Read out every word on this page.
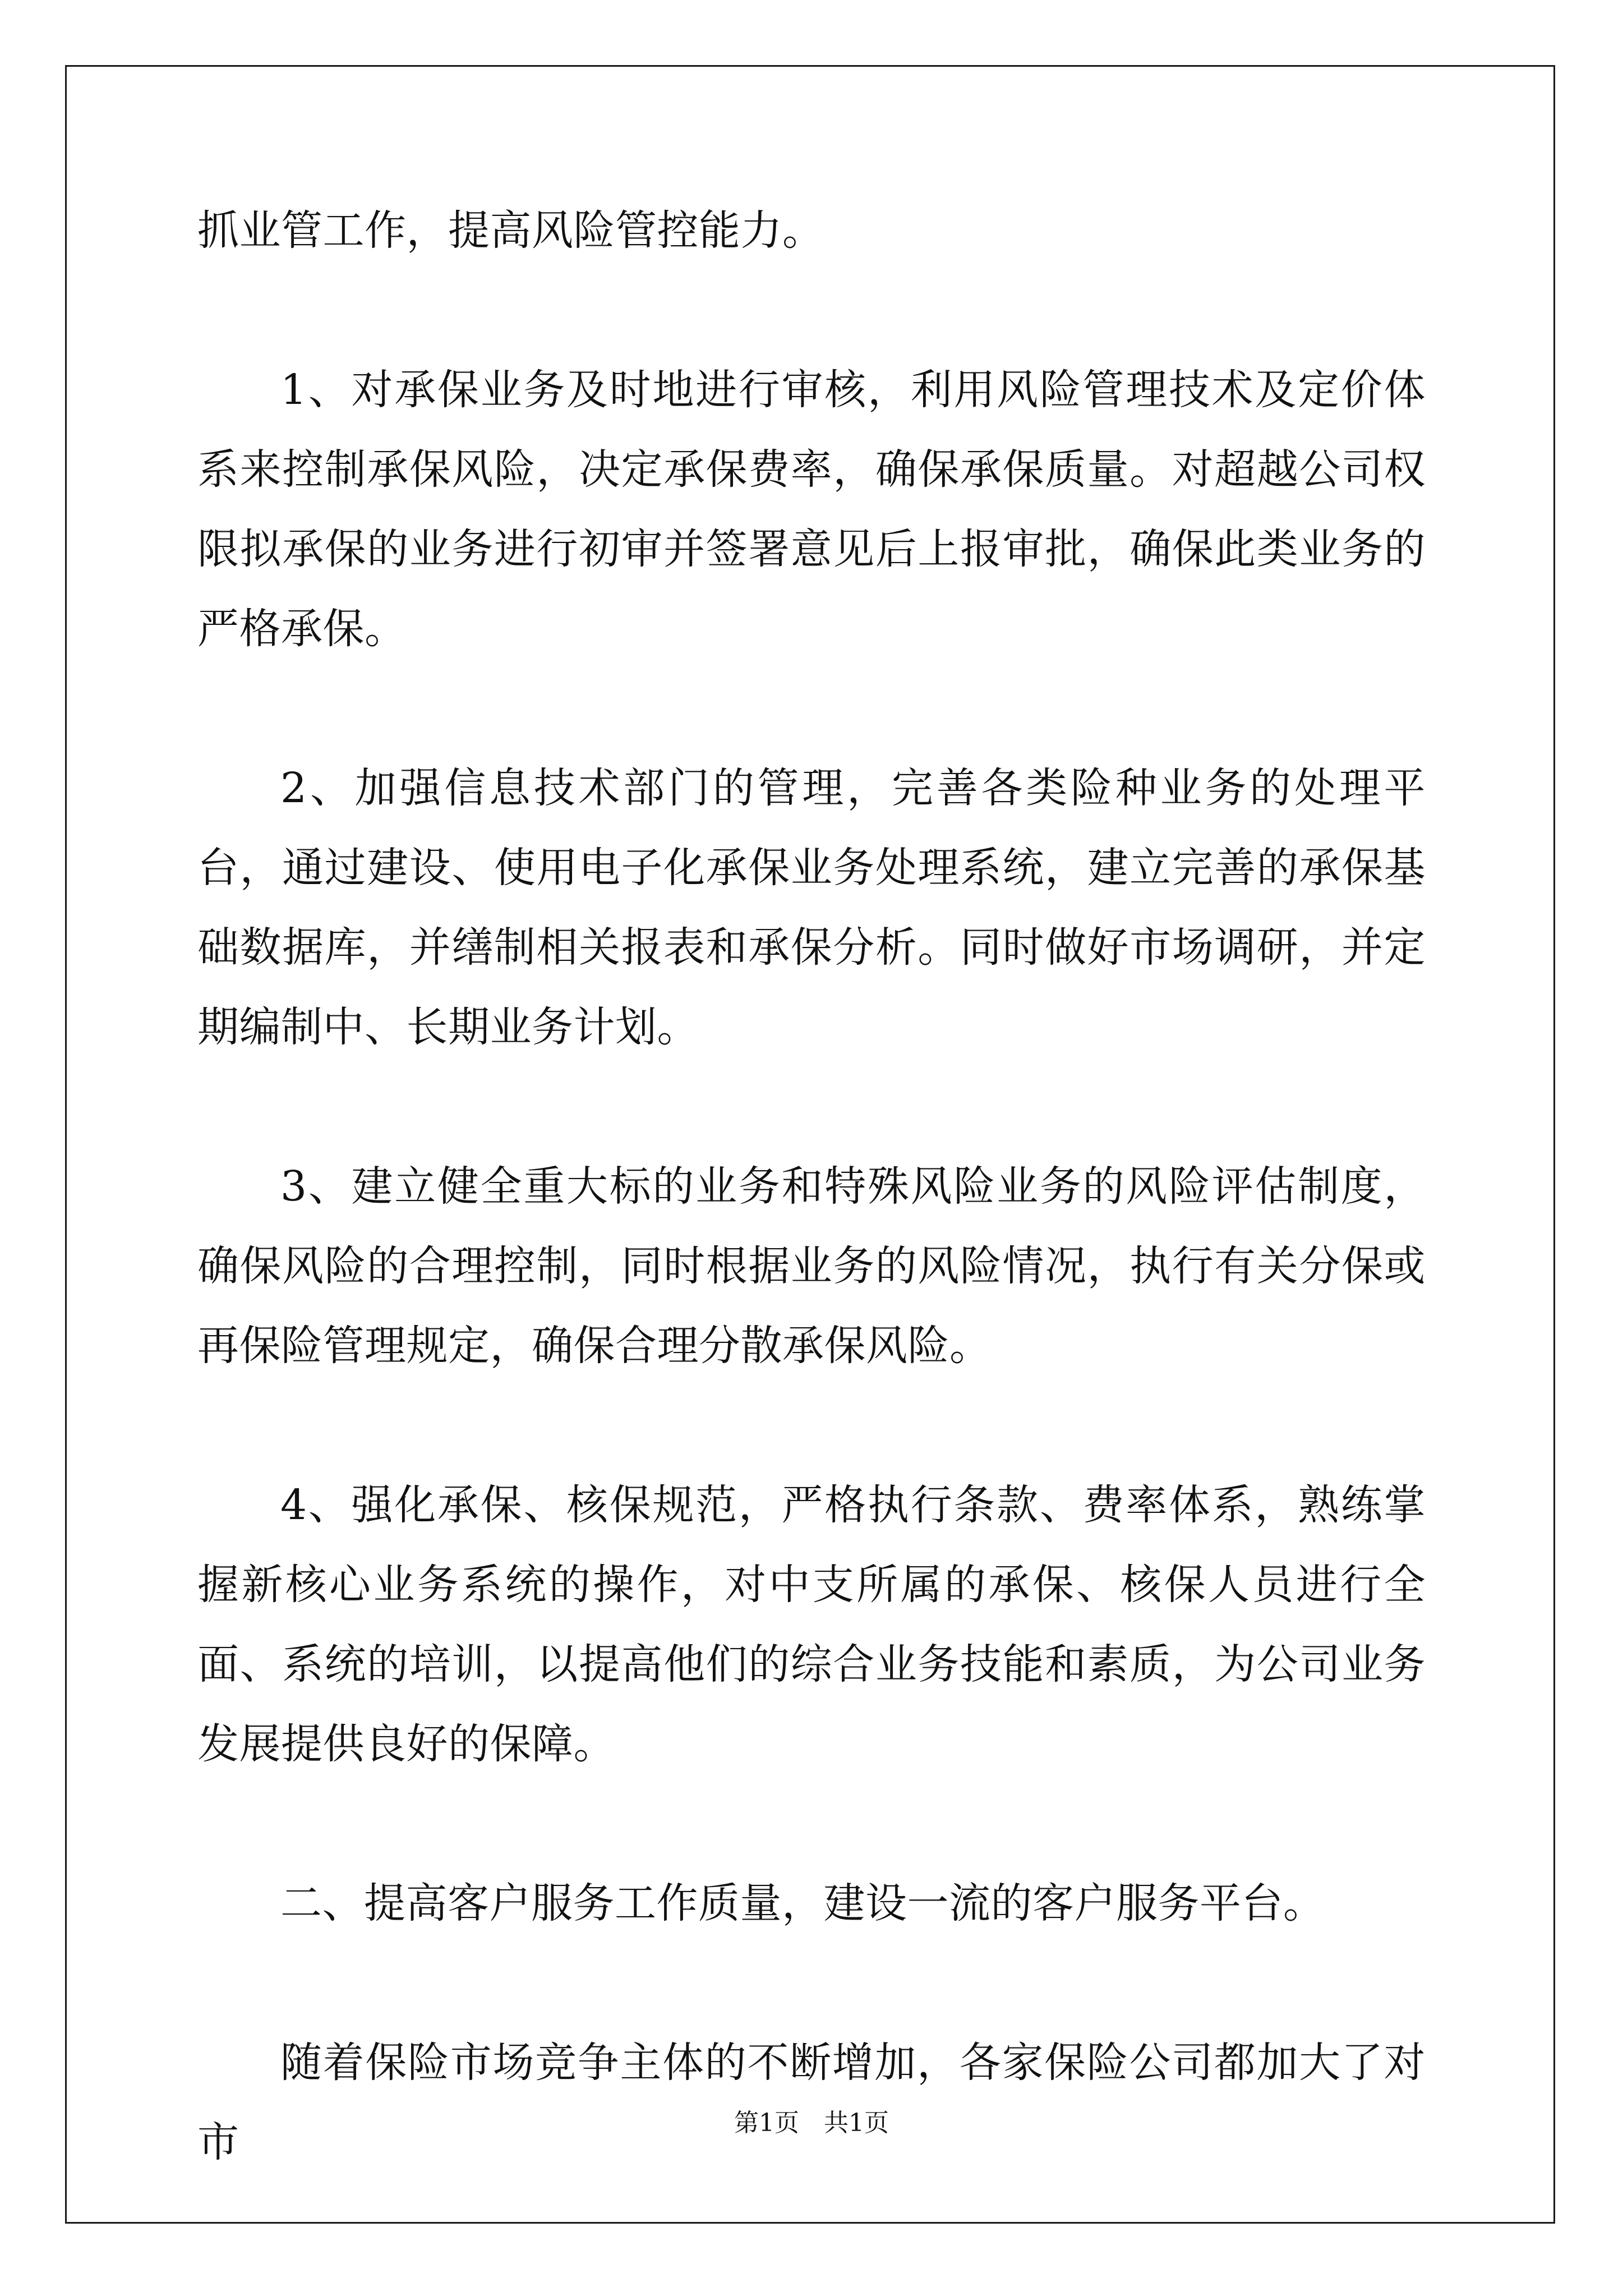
抓业管工作，提高风险管控能力。

1、对承保业务及时地进行审核，利用风险管理技术及定价体系来控制承保风险，决定承保费率，确保承保质量。对超越公司权限拟承保的业务进行初审并签署意见后上报审批，确保此类业务的严格承保。

2、加强信息技术部门的管理，完善各类险种业务的处理平台，通过建设、使用电子化承保业务处理系统，建立完善的承保基础数据库，并缮制相关报表和承保分析。同时做好市场调研，并定期编制中、长期业务计划。

3、建立健全重大标的业务和特殊风险业务的风险评估制度，确保风险的合理控制，同时根据业务的风险情况，执行有关分保或再保险管理规定，确保合理分散承保风险。

4、强化承保、核保规范，严格执行条款、费率体系，熟练掌握新核心业务系统的操作，对中支所属的承保、核保人员进行全面、系统的培训，以提高他们的综合业务技能和素质，为公司业务发展提供良好的保障。

二、提高客户服务工作质量，建设一流的客户服务平台。

随着保险市场竞争主体的不断增加，各家保险公司都加大了对市	第1页　共1页
